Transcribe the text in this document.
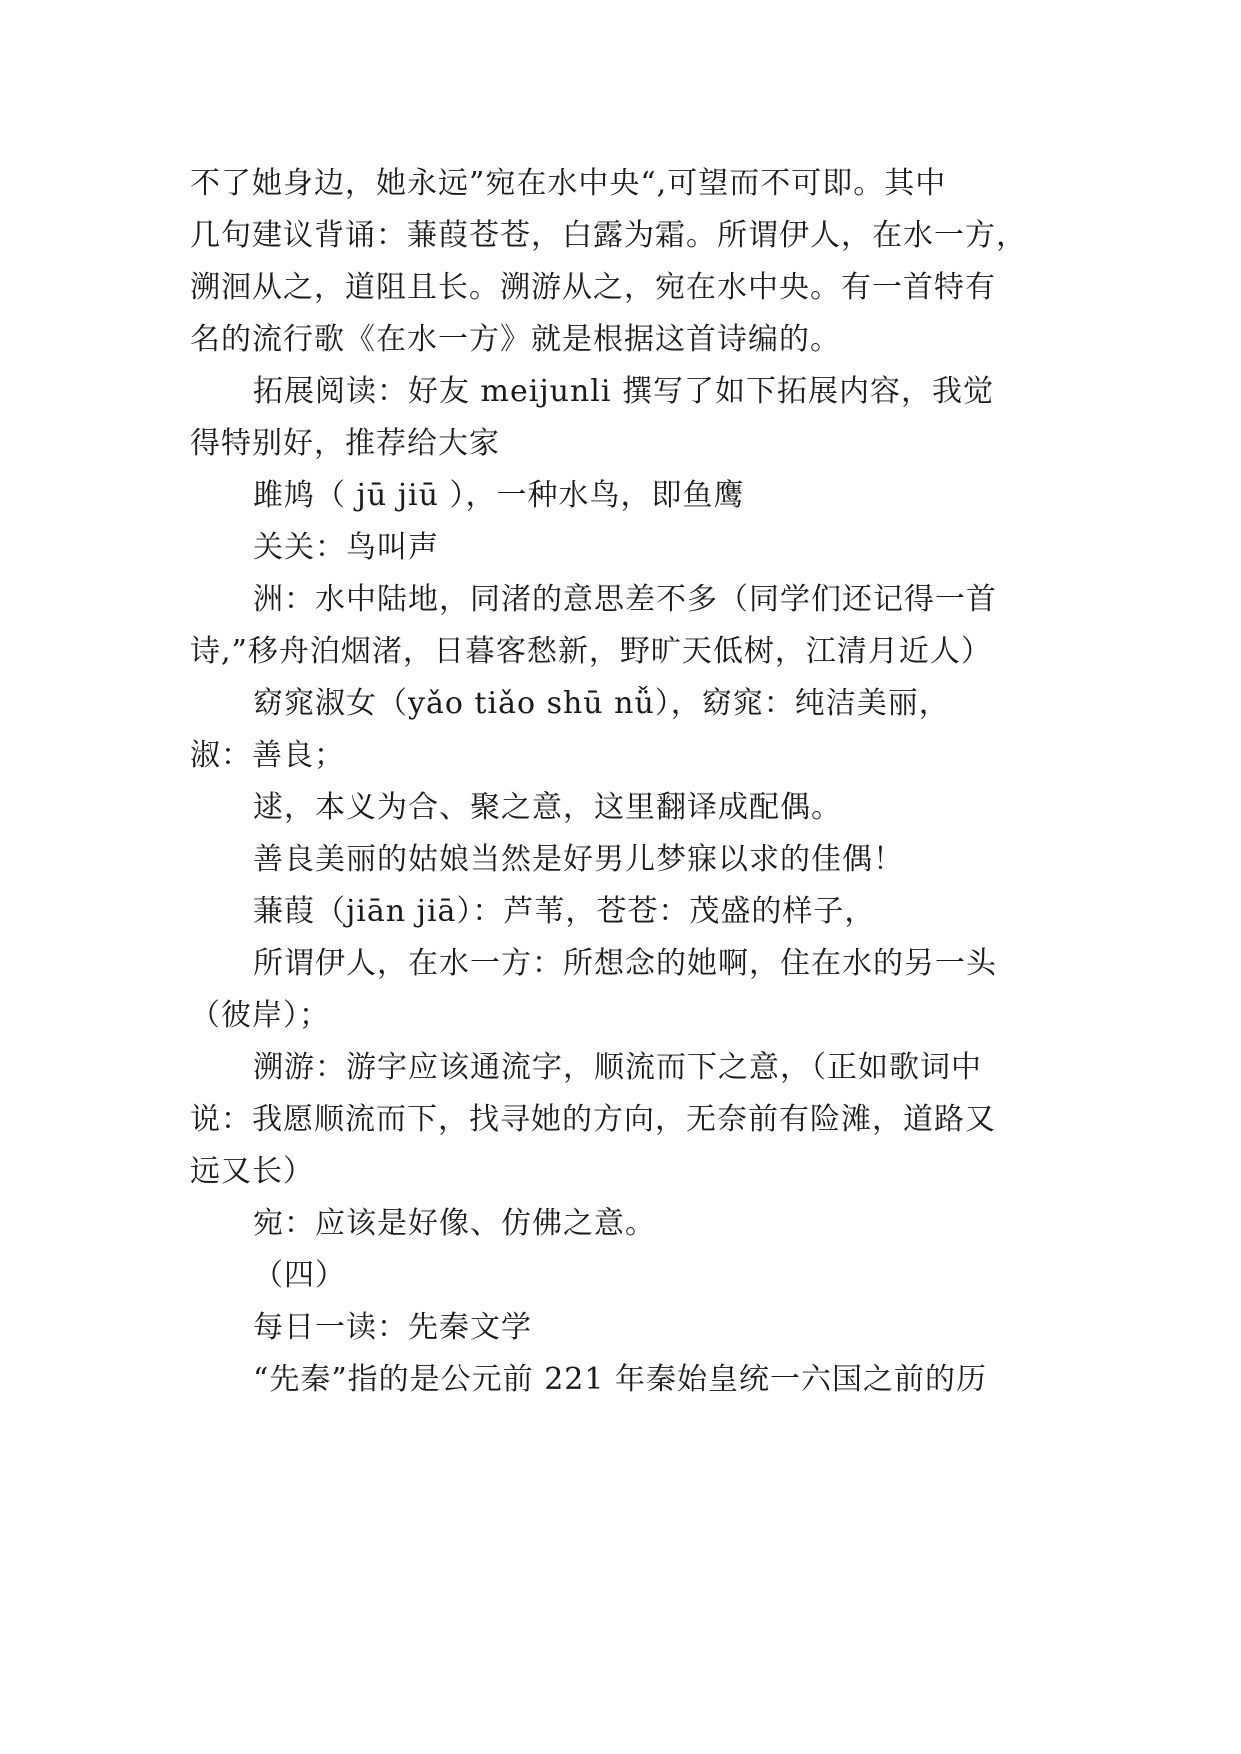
不了她身边，她永远”宛在水中央“,可望而不可即。其中
几句建议背诵：蒹葭苍苍，白露为霜。所谓伊人，在水一方，
溯洄从之，道阻且长。溯游从之，宛在水中央。有一首特有
名的流行歌《在水一方》就是根据这首诗编的。
拓展阅读：好友 meijunli 撰写了如下拓展内容，我觉
得特别好，推荐给大家
雎鸠（ jū jiū ），一种水鸟，即鱼鹰
关关：鸟叫声
洲：水中陆地，同渚的意思差不多（同学们还记得一首
诗,”移舟泊烟渚，日暮客愁新，野旷天低树，江清月近人）
窈窕淑女（yǎo tiǎo shū nǚ），窈窕：纯洁美丽，
淑：善良；
逑，本义为合、聚之意，这里翻译成配偶。
善良美丽的姑娘当然是好男儿梦寐以求的佳偶！
蒹葭（jiān jiā）：芦苇，苍苍：茂盛的样子，
所谓伊人，在水一方：所想念的她啊，住在水的另一头
（彼岸）；
溯游：游字应该通流字，顺流而下之意，（正如歌词中
说：我愿顺流而下，找寻她的方向，无奈前有险滩，道路又
远又长）
宛：应该是好像、仿佛之意。
（四）
每日一读：先秦文学
“先秦”指的是公元前 221 年秦始皇统一六国之前的历
